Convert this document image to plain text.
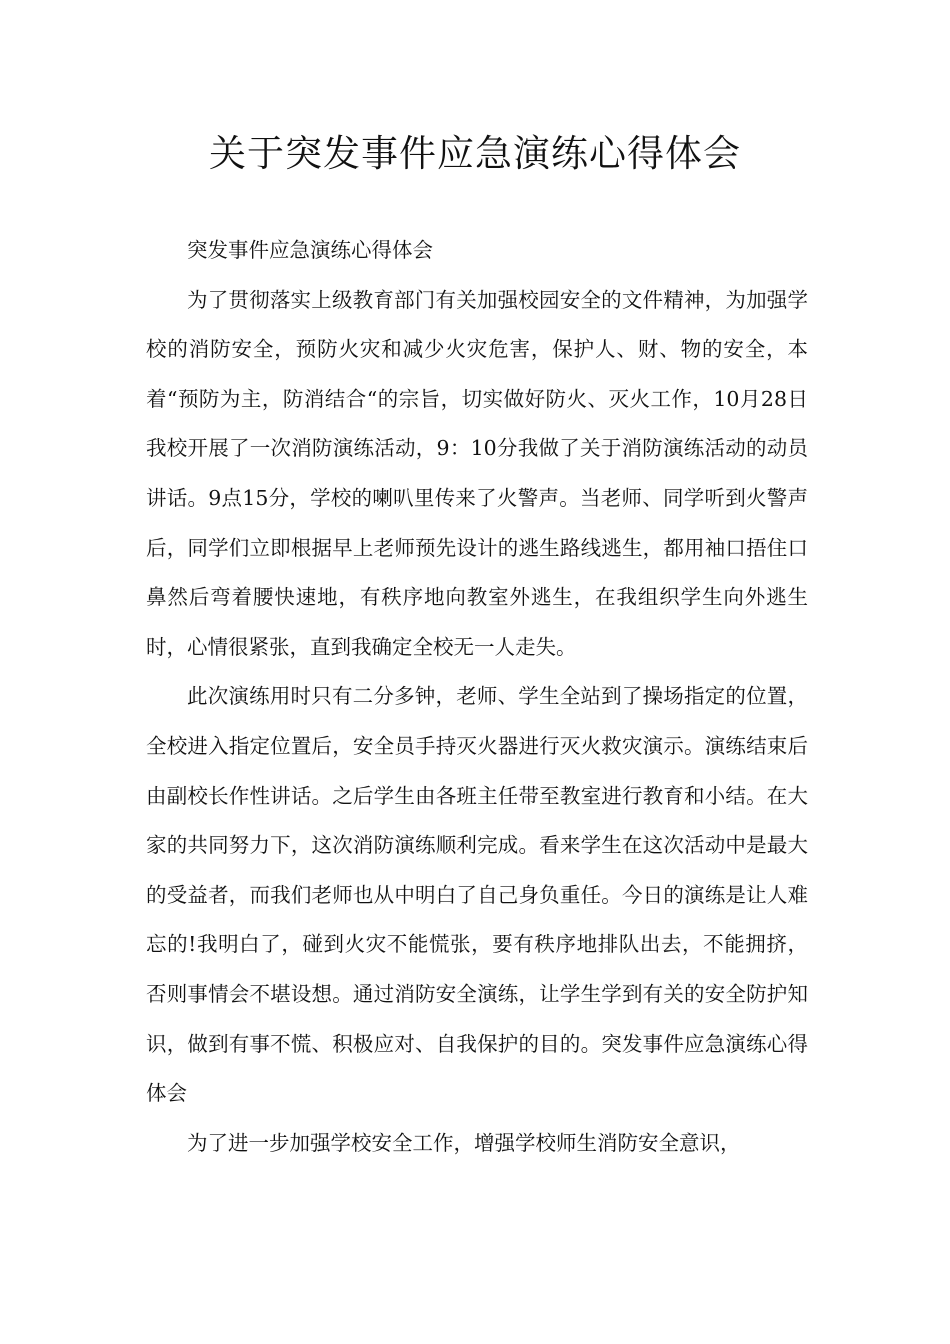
关于突发事件应急演练心得体会

突发事件应急演练心得体会

为了贯彻落实上级教育部门有关加强校园安全的文件精神，为加强学校的消防安全，预防火灾和减少火灾危害，保护人、财、物的安全，本着“预防为主，防消结合“的宗旨，切实做好防火、灭火工作，10月28日我校开展了一次消防演练活动，9：10分我做了关于消防演练活动的动员讲话。9点15分，学校的喇叭里传来了火警声。当老师、同学听到火警声后，同学们立即根据早上老师预先设计的逃生路线逃生，都用袖口捂住口鼻然后弯着腰快速地，有秩序地向教室外逃生，在我组织学生向外逃生时，心情很紧张，直到我确定全校无一人走失。

此次演练用时只有二分多钟，老师、学生全站到了操场指定的位置，全校进入指定位置后，安全员手持灭火器进行灭火救灾演示。演练结束后由副校长作性讲话。之后学生由各班主任带至教室进行教育和小结。在大家的共同努力下，这次消防演练顺利完成。看来学生在这次活动中是最大的受益者，而我们老师也从中明白了自己身负重任。今日的演练是让人难忘的!我明白了，碰到火灾不能慌张，要有秩序地排队出去，不能拥挤，否则事情会不堪设想。通过消防安全演练，让学生学到有关的安全防护知识，做到有事不慌、积极应对、自我保护的目的。突发事件应急演练心得体会

为了进一步加强学校安全工作，增强学校师生消防安全意识，
